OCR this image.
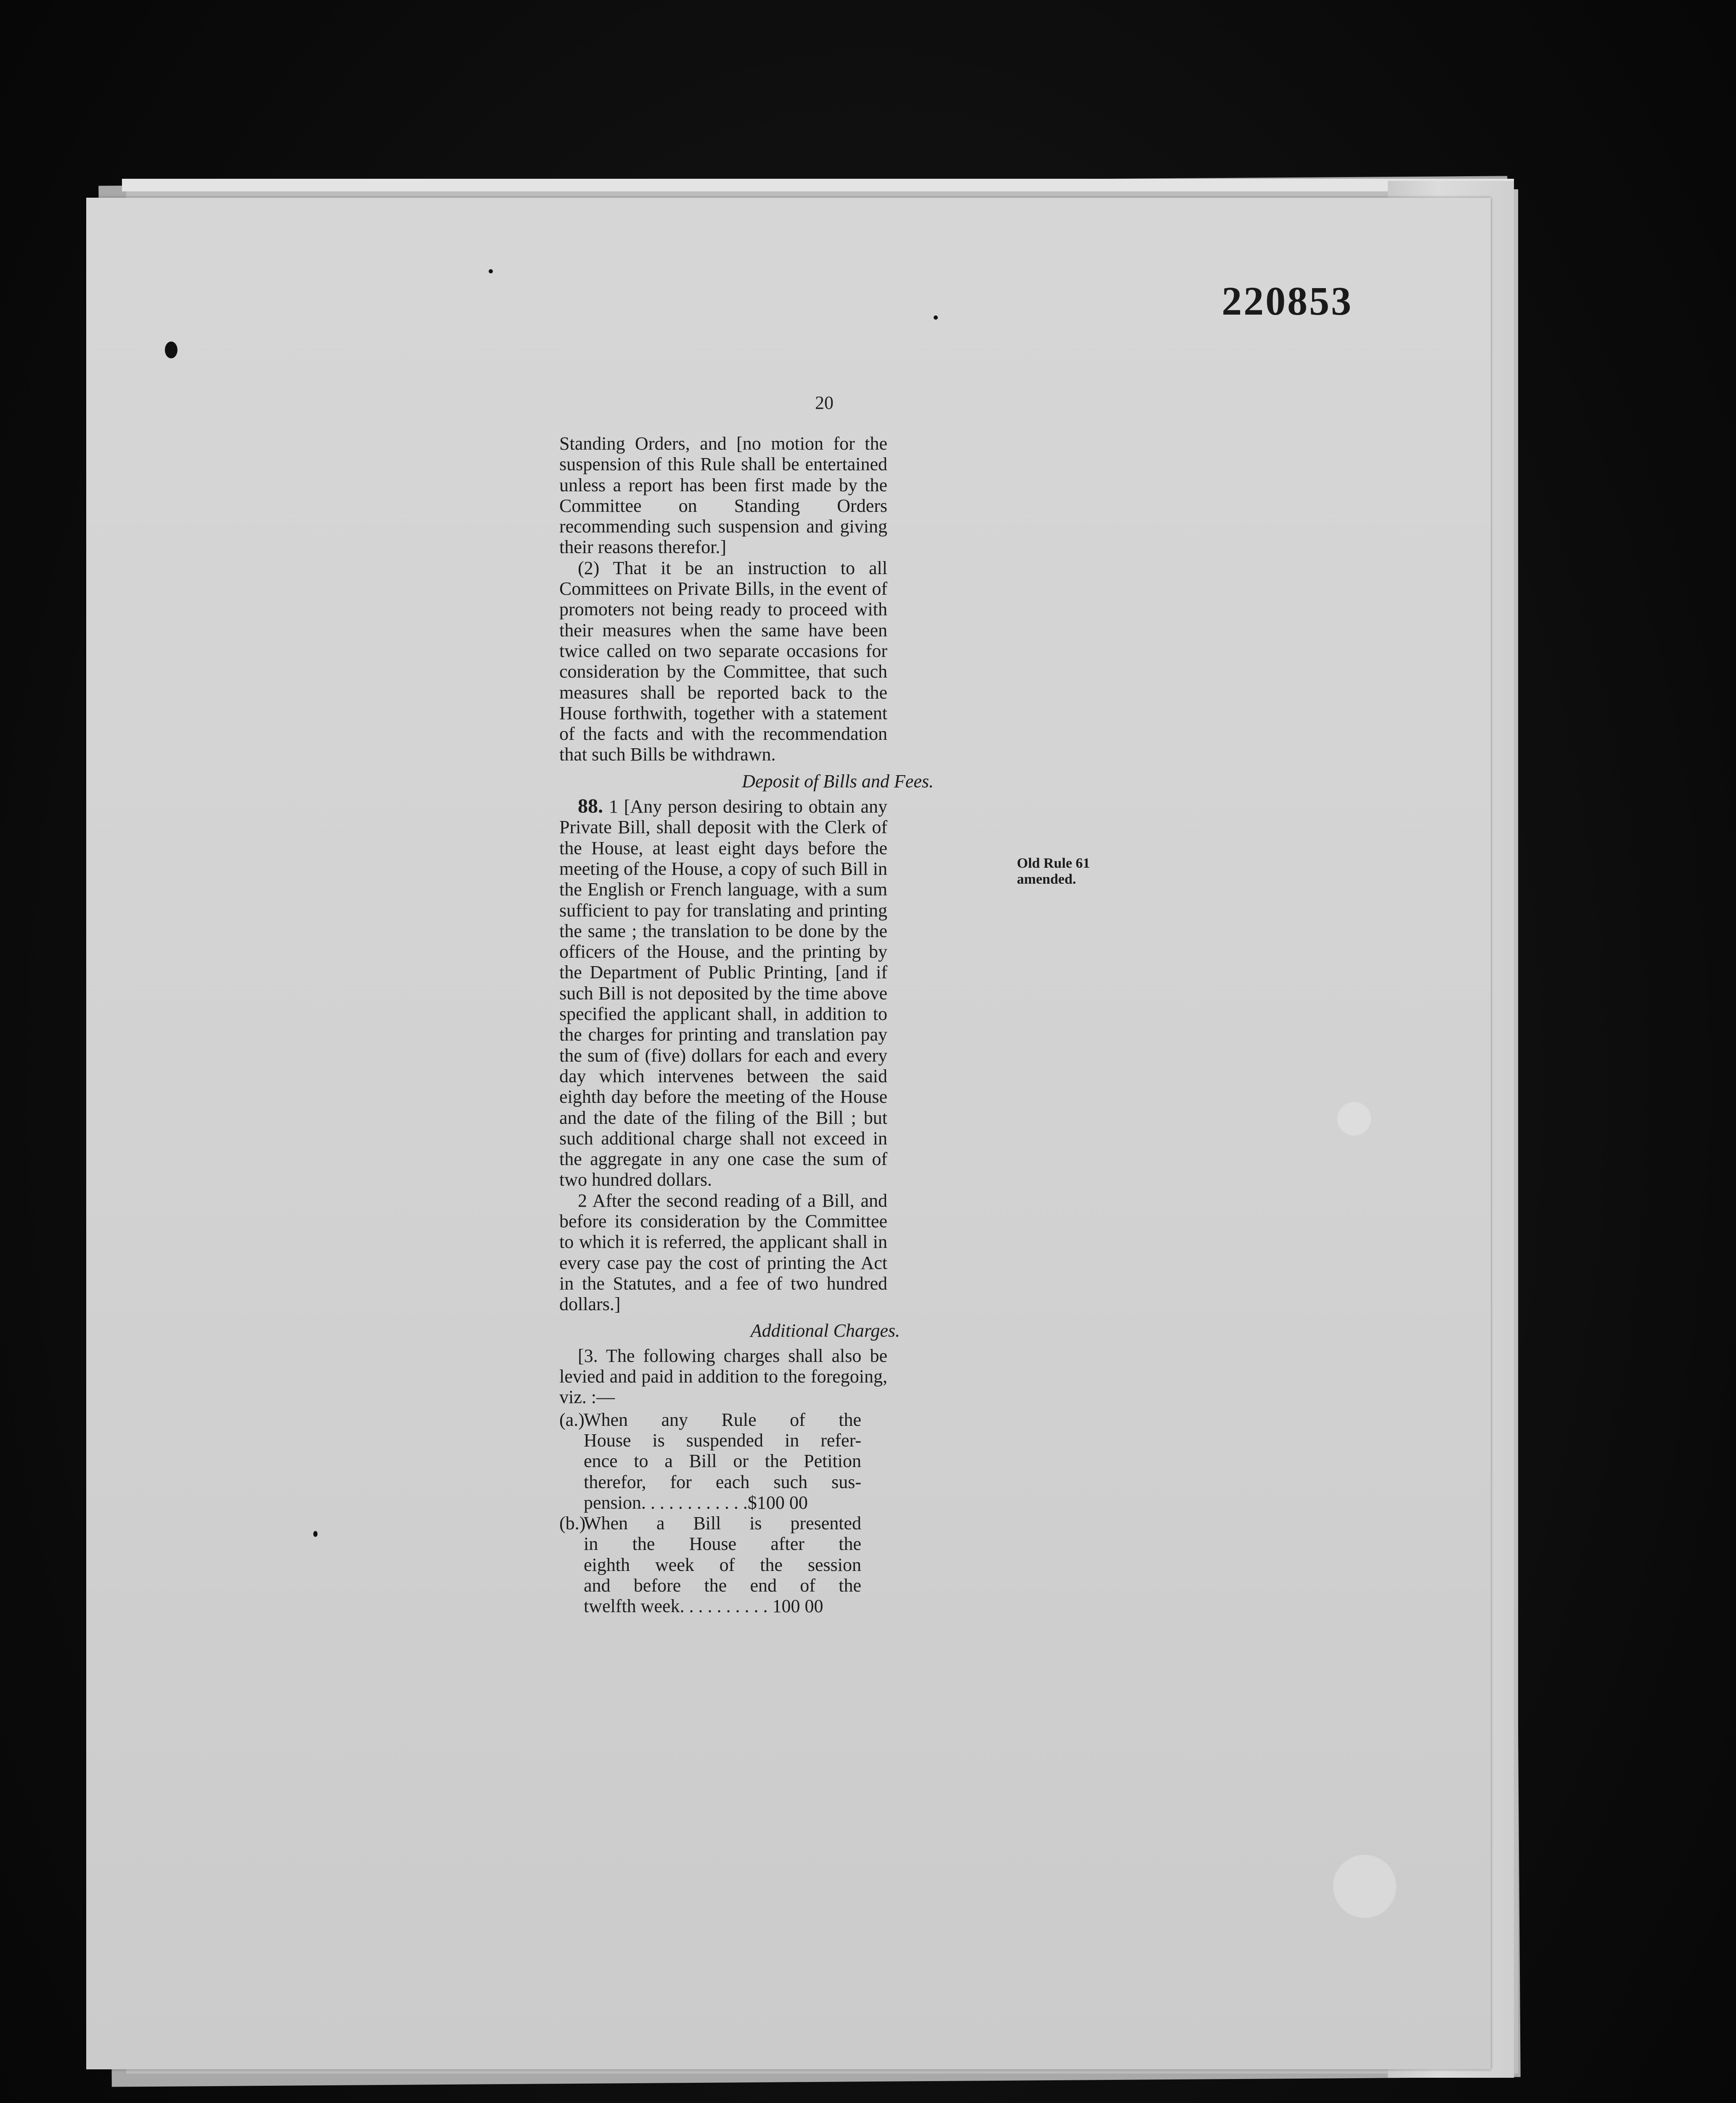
220853
20

Standing Orders, and [no motion for the suspension of this Rule shall be entertained unless a report has been first made by the Committee on Standing Orders recommending such suspension and giving their reasons therefor.]

(2) That it be an instruction to all Committees on Private Bills, in the event of promoters not being ready to proceed with their measures when the same have been twice called on two separate occasions for consideration by the Committee, that such measures shall be reported back to the House forthwith, together with a statement of the facts and with the recommendation that such Bills be withdrawn.

Deposit of Bills and Fees.

88. 1 [Any person desiring to obtain any Private Bill, shall deposit with the Clerk of the House, at least eight days before the meeting of the House, a copy of such Bill in the English or French language, with a sum sufficient to pay for translating and printing the same ; the translation to be done by the officers of the House, and the printing by the Department of Public Printing, [and if such Bill is not deposited by the time above specified the applicant shall, in addition to the charges for printing and translation pay the sum of (five) dollars for each and every day which intervenes between the said eighth day before the meeting of the House and the date of the filing of the Bill ; but such additional charge shall not exceed in the aggregate in any one case the sum of two hundred dollars.

2 After the second reading of a Bill, and before its consideration by the Committee to which it is referred, the applicant shall in every case pay the cost of printing the Act in the Statutes, and a fee of two hundred dollars.]

Additional Charges.

[3. The following charges shall also be levied and paid in addition to the foregoing, viz. :—

(a.)
When any Rule of the
House is suspended in refer-
ence to a Bill or the Petition
therefor, for each such sus-
pension. . . . . . . . . . . .$100 00
(b.)
When a Bill is presented
in the House after the
eighth week of the session
and before the end of the
twelfth week. . . . . . . . . . 100 00
Old Rule 61 amended.
